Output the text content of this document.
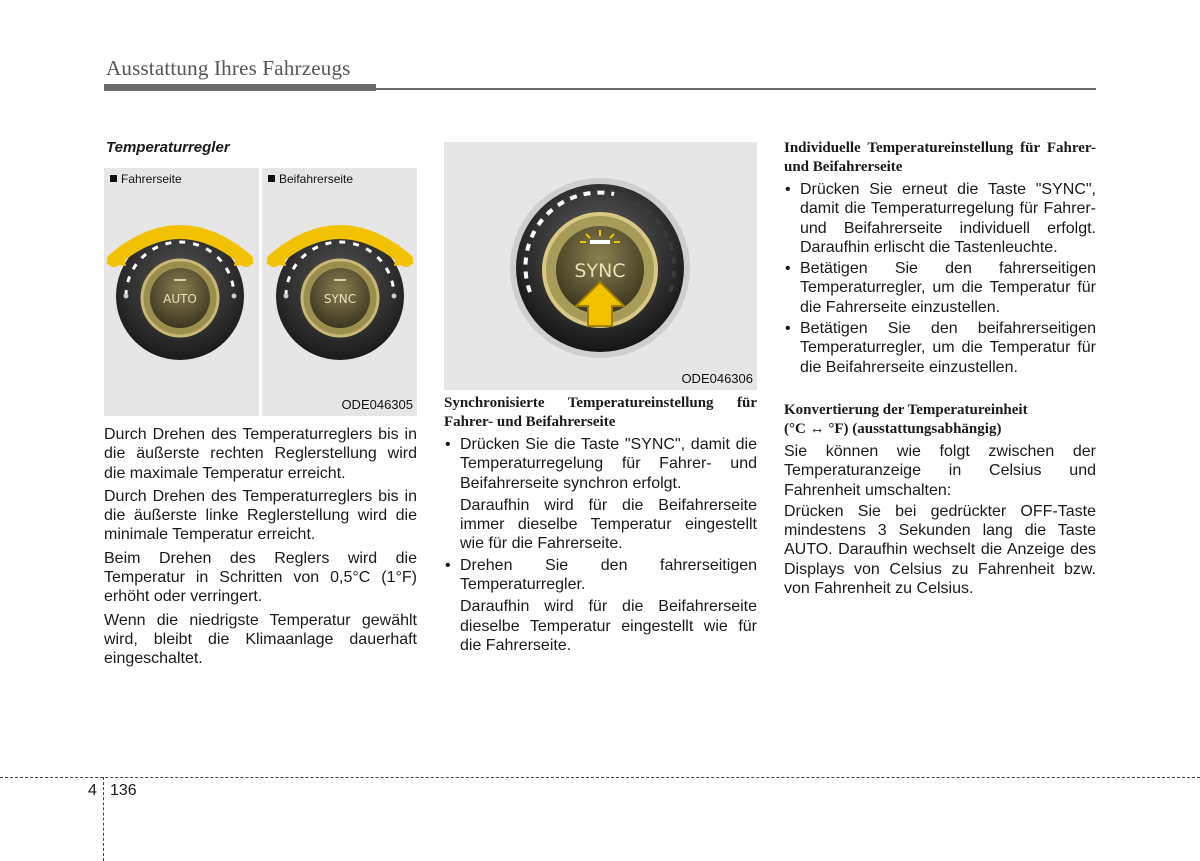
Ausstattung Ihres Fahrzeugs
Temperaturregler
AUTO	SYNC
Fahrerseite	Beifahrerseite
ODE046305

Durch Drehen des Temperaturreglers bis in die äußerste rechten Reglerstellung wird die maximale Temperatur erreicht.

Durch Drehen des Temperaturreglers bis in die äußerste linke Reglerstellung wird die minimale Temperatur erreicht.

Beim Drehen des Reglers wird die Temperatur in Schritten von 0,5°C (1°F) erhöht oder verringert.

Wenn die niedrigste Temperatur gewählt wird, bleibt die Klimaanlage dauerhaft eingeschaltet.

SYNC
ODE046306
Synchronisierte Temperatureinstellung für Fahrer- und Beifahrerseite
• Drücken Sie die Taste "SYNC", damit die Temperaturregelung für Fahrer- und Beifahrerseite synchron erfolgt.

Daraufhin wird für die Beifahrerseite immer dieselbe Temperatur eingestellt wie für die Fahrerseite.

• Drehen Sie den fahrerseitigen Temperaturregler.

Daraufhin wird für die Beifahrerseite dieselbe Temperatur eingestellt wie für die Fahrerseite.

Individuelle Temperatureinstellung für Fahrer- und Beifahrerseite
• Drücken Sie erneut die Taste "SYNC", damit die Temperaturregelung für Fahrer- und Beifahrerseite individuell erfolgt. Daraufhin erlischt die Tastenleuchte.
• Betätigen Sie den fahrerseitigen Temperaturregler, um die Temperatur für die Fahrerseite einzustellen.
• Betätigen Sie den beifahrerseitigen Temperaturregler, um die Temperatur für die Beifahrerseite einzustellen.
Konvertierung der Temperatureinheit
(°C ↔ °F) (ausstattungsabhängig)

Sie können wie folgt zwischen der Temperaturanzeige in Celsius und Fahrenheit umschalten:

Drücken Sie bei gedrückter OFF-Taste mindestens 3 Sekunden lang die Taste AUTO. Daraufhin wechselt die Anzeige des Displays von Celsius zu Fahrenheit bzw. von Fahrenheit zu Celsius.

4 136
